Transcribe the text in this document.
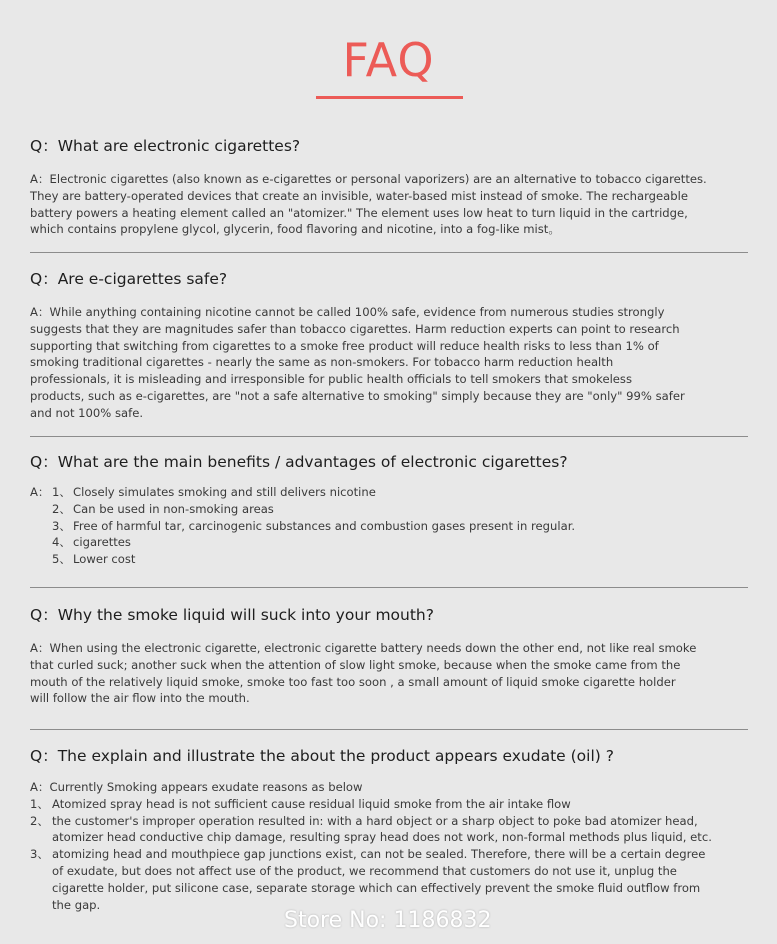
FAQ
Q：What are electronic cigarettes?
A：Electronic cigarettes (also known as e-cigarettes or personal vaporizers) are an alternative to tobacco cigarettes.
They are battery-operated devices that create an invisible, water-based mist instead of smoke. The rechargeable
battery powers a heating element called an "atomizer." The element uses low heat to turn liquid in the cartridge,
which contains propylene glycol, glycerin, food flavoring and nicotine, into a fog-like mist。
Q：Are e-cigarettes safe?
A：While anything containing nicotine cannot be called 100% safe, evidence from numerous studies strongly
suggests that they are magnitudes safer than tobacco cigarettes. Harm reduction experts can point to research
supporting that switching from cigarettes to a smoke free product will reduce health risks to less than 1% of
smoking traditional cigarettes - nearly the same as non-smokers. For tobacco harm reduction health
professionals, it is misleading and irresponsible for public health officials to tell smokers that smokeless
products, such as e-cigarettes, are "not a safe alternative to smoking" simply because they are "only" 99% safer
and not 100% safe.
Q：What are the main benefits / advantages of electronic cigarettes?
A： 1、 Closely simulates smoking and still delivers nicotine
2、 Can be used in non-smoking areas
3、 Free of harmful tar, carcinogenic substances and combustion gases present in regular.
4、 cigarettes
5、 Lower cost
Q：Why the smoke liquid will suck into your mouth?
A：When using the electronic cigarette, electronic cigarette battery needs down the other end, not like real smoke
that curled suck; another suck when the attention of slow light smoke, because when the smoke came from the
mouth of the relatively liquid smoke, smoke too fast too soon , a small amount of liquid smoke cigarette holder
will follow the air flow into the mouth.
Q：The explain and illustrate the about the product appears exudate (oil) ?
A：Currently Smoking appears exudate reasons as below
1、 Atomized spray head is not sufficient cause residual liquid smoke from the air intake flow
2、 the customer's improper operation resulted in: with a hard object or a sharp object to poke bad atomizer head,
atomizer head conductive chip damage, resulting spray head does not work, non-formal methods plus liquid, etc.
3、 atomizing head and mouthpiece gap junctions exist, can not be sealed. Therefore, there will be a certain degree
of exudate, but does not affect use of the product, we recommend that customers do not use it, unplug the
cigarette holder, put silicone case, separate storage which can effectively prevent the smoke fluid outflow from
the gap.
Store No: 1186832
